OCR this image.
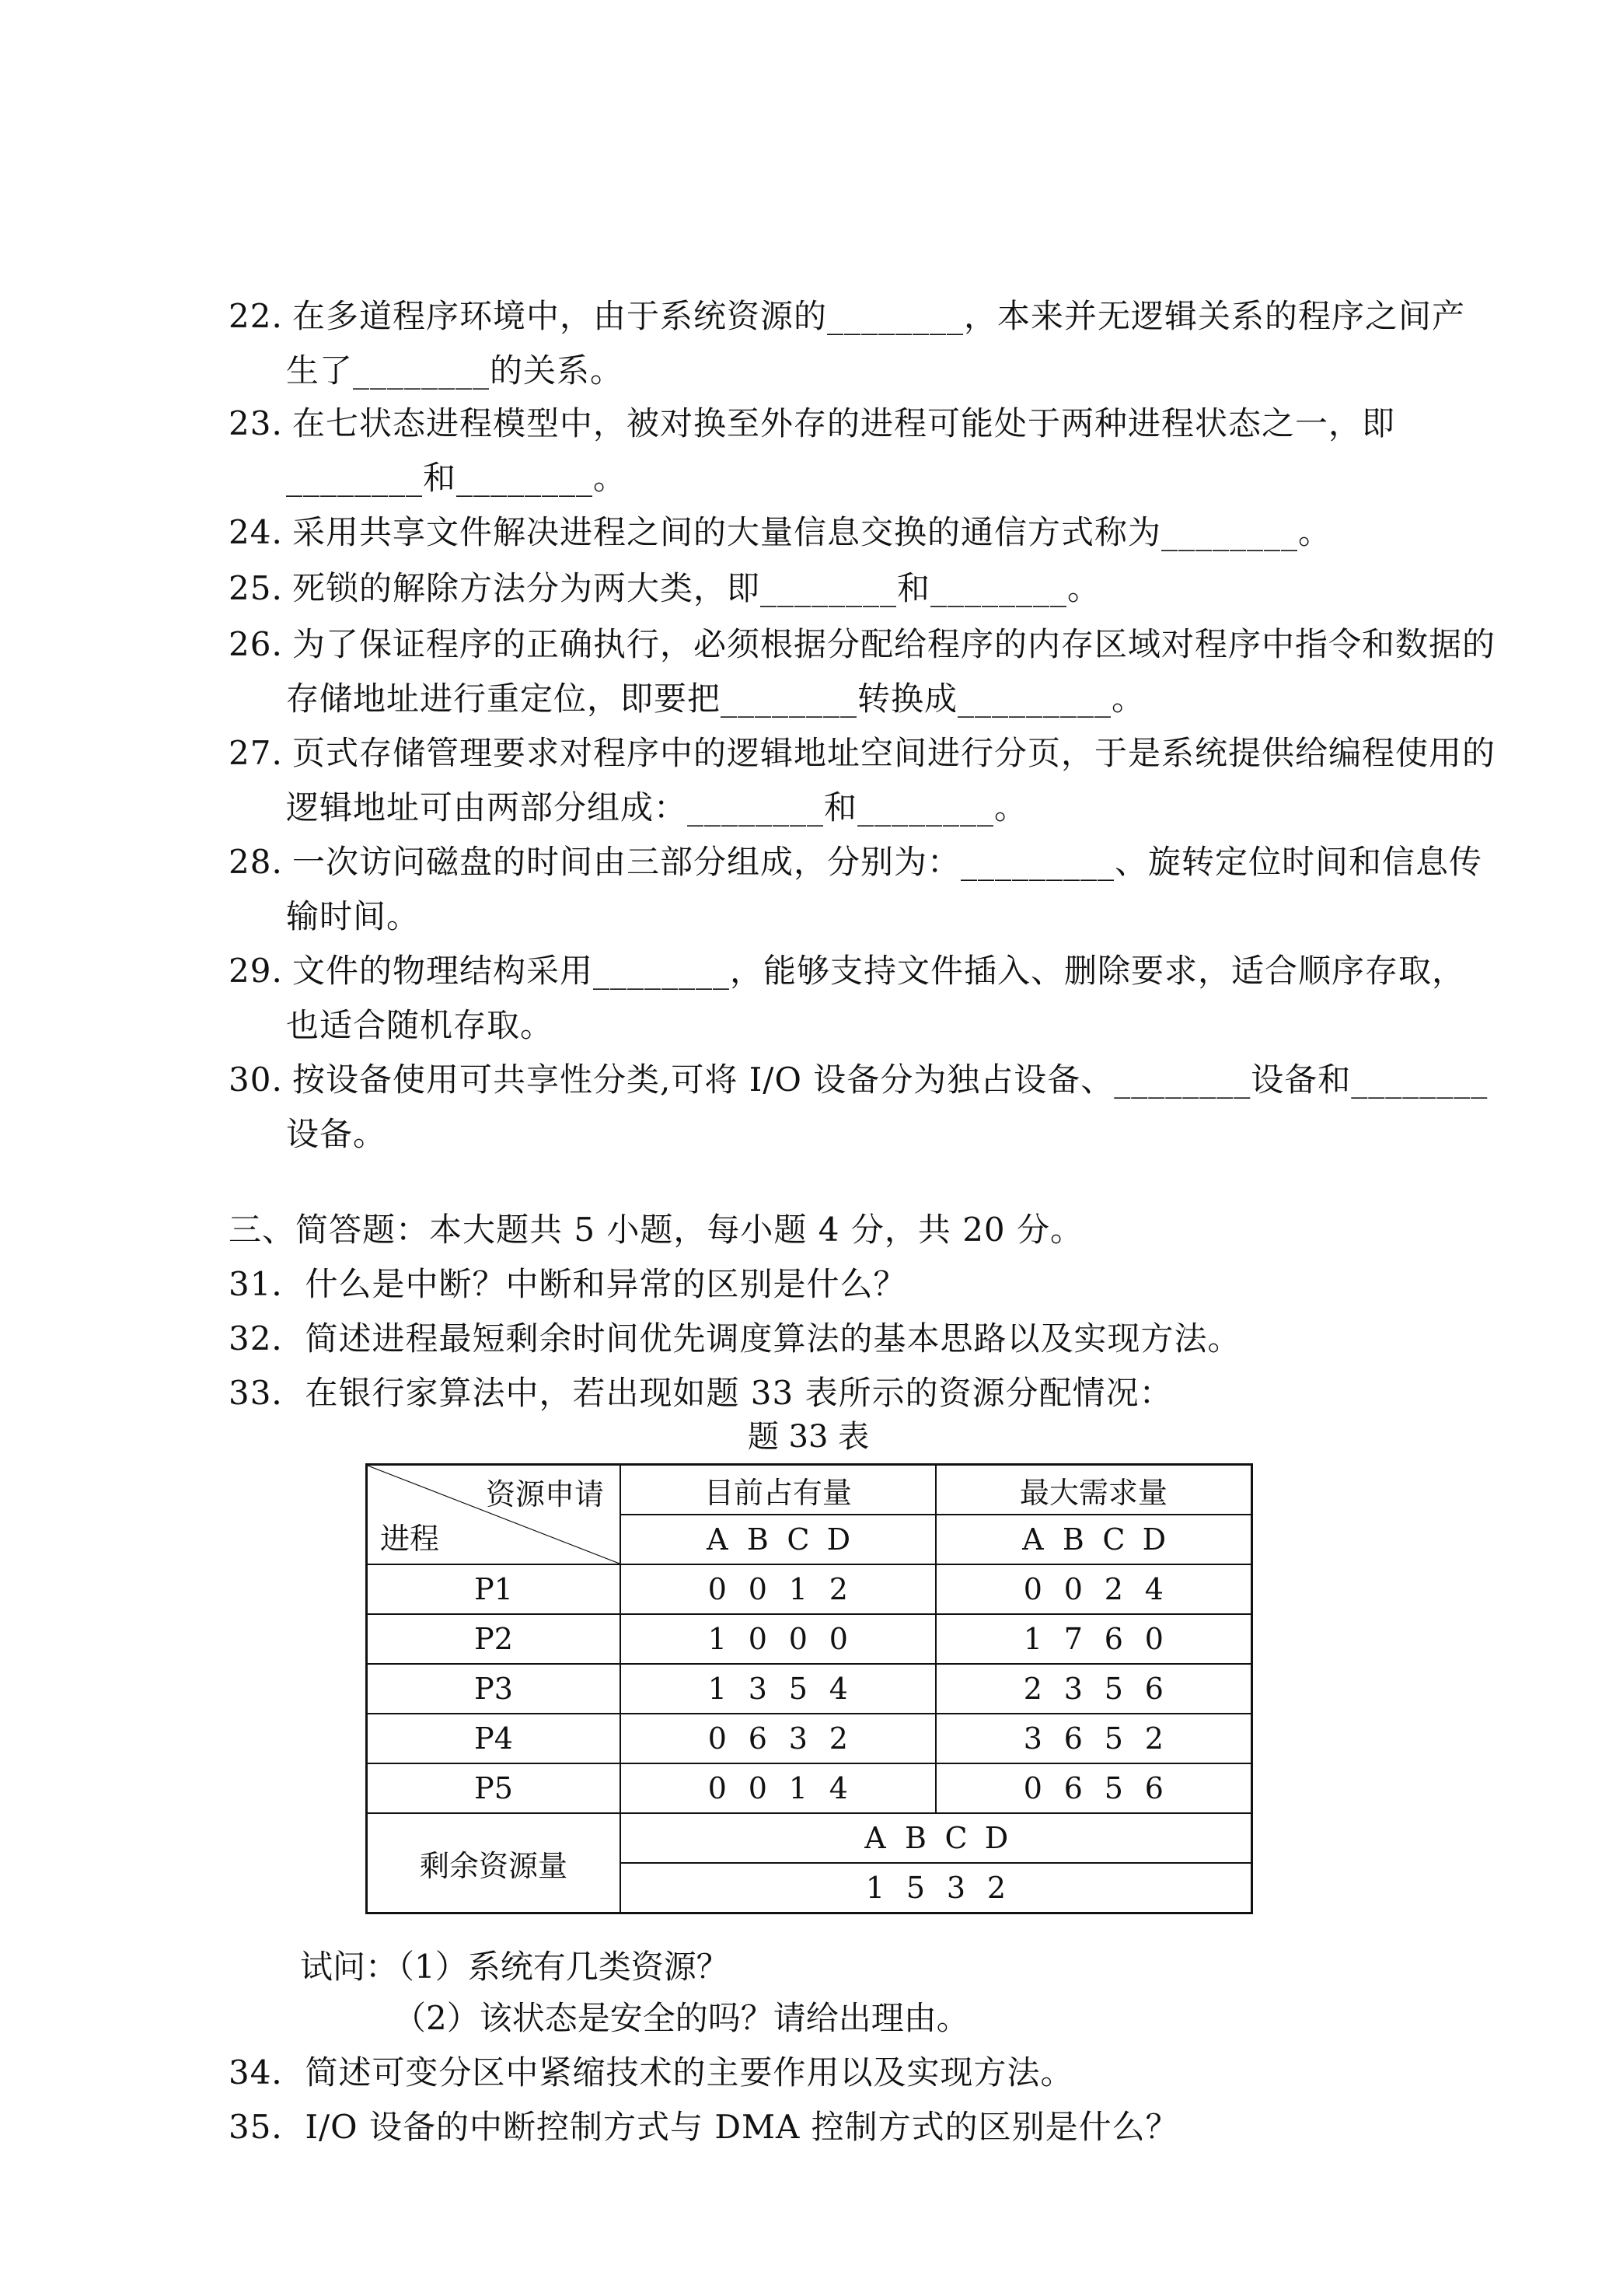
22. 在多道程序环境中，由于系统资源的________，本来并无逻辑关系的程序之间产
生了________的关系。
23. 在七状态进程模型中，被对换至外存的进程可能处于两种进程状态之一，即
________和________。
24. 采用共享文件解决进程之间的大量信息交换的通信方式称为________。
25. 死锁的解除方法分为两大类，即________和________。
26. 为了保证程序的正确执行，必须根据分配给程序的内存区域对程序中指令和数据的
存储地址进行重定位，即要把________转换成_________。
27. 页式存储管理要求对程序中的逻辑地址空间进行分页，于是系统提供给编程使用的
逻辑地址可由两部分组成：________和________。
28. 一次访问磁盘的时间由三部分组成，分别为：_________、旋转定位时间和信息传
输时间。
29. 文件的物理结构采用________，能够支持文件插入、删除要求，适合顺序存取，
也适合随机存取。
30. 按设备使用可共享性分类,可将 I/O 设备分为独占设备、________设备和________
设备。
三、简答题：本大题共 5 小题，每小题 4 分，共 20 分。
31．什么是中断？中断和异常的区别是什么？
32．简述进程最短剩余时间优先调度算法的基本思路以及实现方法。
33．在银行家算法中，若出现如题 33 表所示的资源分配情况：
题 33 表
资源申请
进程	目前占有量	最大需求量
	A B C D	A B C D
P1	0 0 1 2	0 0 2 4
P2	1 0 0 0	1 7 6 0
P3	1 3 5 4	2 3 5 6
P4	0 6 3 2	3 6 5 2
P5	0 0 1 4	0 6 5 6
剩余资源量	A B C D	
	1 5 3 2	
试问：（1）系统有几类资源？
（2）该状态是安全的吗？请给出理由。
34．简述可变分区中紧缩技术的主要作用以及实现方法。
35．I/O 设备的中断控制方式与 DMA 控制方式的区别是什么？
